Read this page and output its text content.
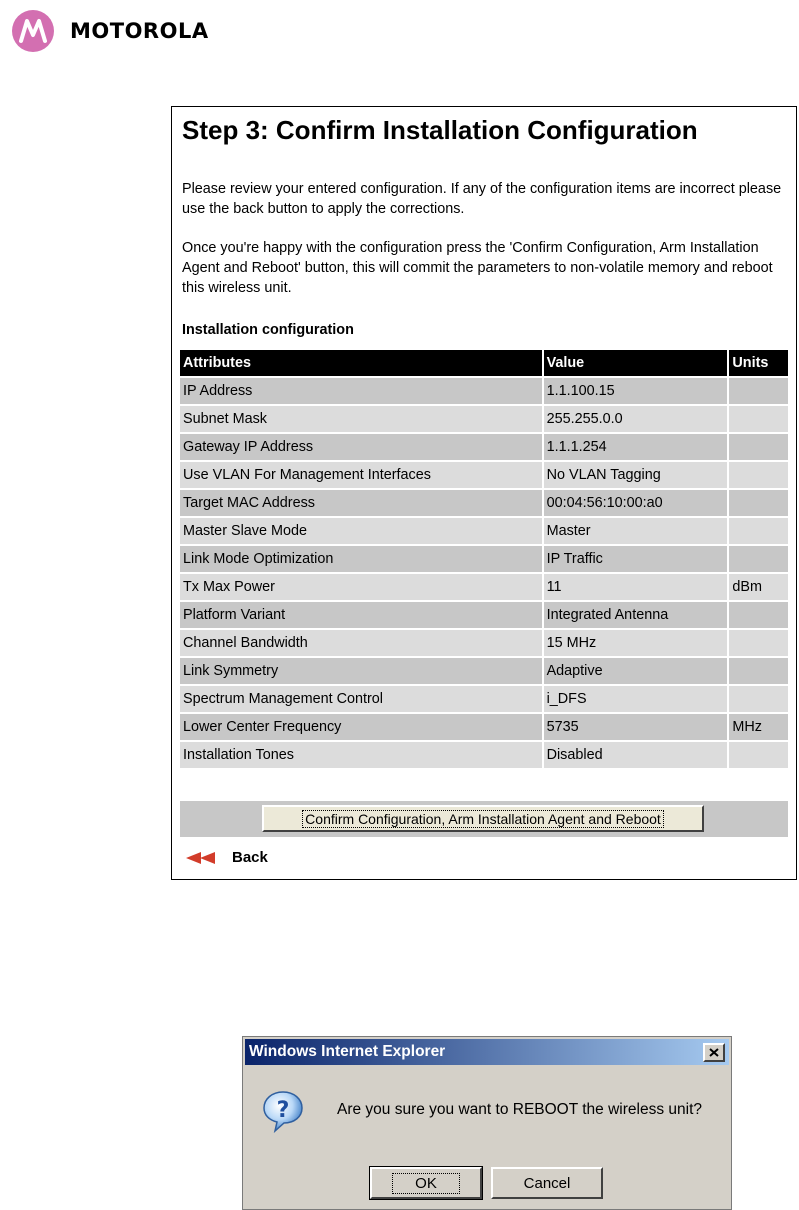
MOTOROLA
Step 3: Confirm Installation Configuration

Please review your entered configuration. If any of the configuration items are incorrect please use the back button to apply the corrections.

Once you're happy with the configuration press the 'Confirm Configuration, Arm Installation Agent and Reboot' button, this will commit the parameters to non-volatile memory and reboot this wireless unit.

Installation configuration
Attributes	Value	Units
IP Address	1.1.100.15	
Subnet Mask	255.255.0.0	
Gateway IP Address	1.1.1.254	
Use VLAN For Management Interfaces	No VLAN Tagging	
Target MAC Address	00:04:56:10:00:a0	
Master Slave Mode	Master	
Link Mode Optimization	IP Traffic	
Tx Max Power	11	dBm
Platform Variant	Integrated Antenna	
Channel Bandwidth	15 MHz	
Link Symmetry	Adaptive	
Spectrum Management Control	i_DFS	
Lower Center Frequency	5735	MHz
Installation Tones	Disabled	
Confirm Configuration, Arm Installation Agent and Reboot
Back
Windows Internet Explorer
?	Are you sure you want to REBOOT the wireless unit?
OK	Cancel
